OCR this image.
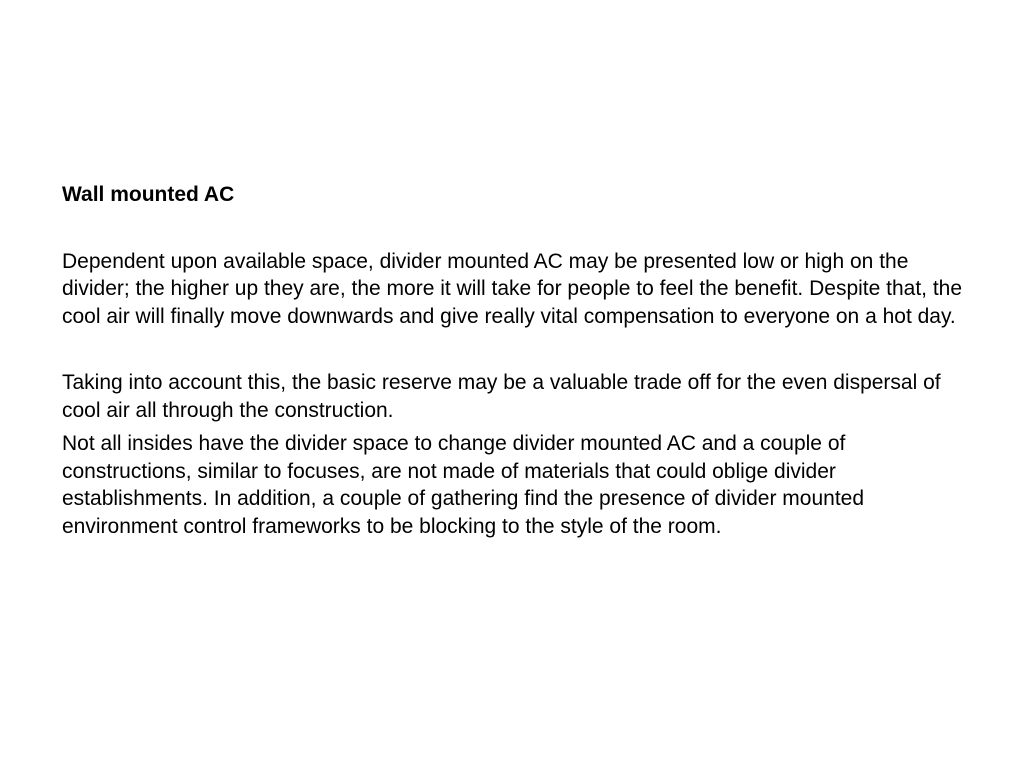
Wall mounted AC

Dependent upon available space, divider mounted AC may be presented low or high on the divider; the higher up they are, the more it will take for people to feel the benefit. Despite that, the cool air will finally move downwards and give really vital compensation to everyone on a hot day.

Taking into account this, the basic reserve may be a valuable trade off for the even dispersal of cool air all through the construction.

Not all insides have the divider space to change divider mounted AC and a couple of constructions, similar to focuses, are not made of materials that could oblige divider establishments. In addition, a couple of gathering find the presence of divider mounted environment control frameworks to be blocking to the style of the room.
